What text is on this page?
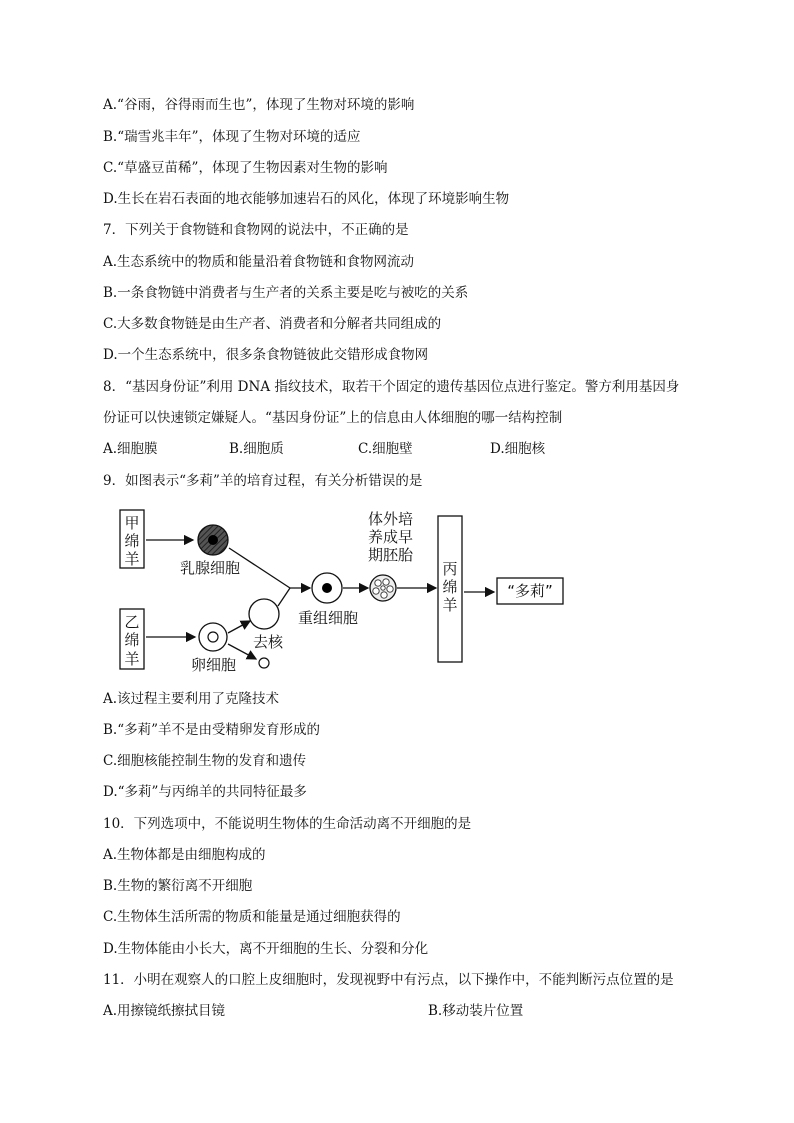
A.“谷雨，谷得雨而生也”，体现了生物对环境的影响
B.“瑞雪兆丰年”，体现了生物对环境的适应
C.“草盛豆苗稀”，体现了生物因素对生物的影响
D.生长在岩石表面的地衣能够加速岩石的风化，体现了环境影响生物
7．下列关于食物链和食物网的说法中，不正确的是
A.生态系统中的物质和能量沿着食物链和食物网流动
B.一条食物链中消费者与生产者的关系主要是吃与被吃的关系
C.大多数食物链是由生产者、消费者和分解者共同组成的
D.一个生态系统中，很多条食物链彼此交错形成食物网
8．“基因身份证”利用 DNA 指纹技术，取若干个固定的遗传基因位点进行鉴定。警方利用基因身
份证可以快速锁定嫌疑人。“基因身份证”上的信息由人体细胞的哪一结构控制
A.细胞膜	B.细胞质	C.细胞壁	D.细胞核
9．如图表示“多莉”羊的培育过程，有关分析错误的是
甲
绵
羊
乙
绵
羊
乳腺细胞
卵细胞
去核
重组细胞
体外培
养成早
期胚胎
丙
绵
羊
“多莉”
A.该过程主要利用了克隆技术
B.“多莉”羊不是由受精卵发育形成的
C.细胞核能控制生物的发育和遗传
D.“多莉”与丙绵羊的共同特征最多
10．下列选项中，不能说明生物体的生命活动离不开细胞的是
A.生物体都是由细胞构成的
B.生物的繁衍离不开细胞
C.生物体生活所需的物质和能量是通过细胞获得的
D.生物体能由小长大，离不开细胞的生长、分裂和分化
11．小明在观察人的口腔上皮细胞时，发现视野中有污点，以下操作中，不能判断污点位置的是
A.用擦镜纸擦拭目镜	B.移动装片位置
